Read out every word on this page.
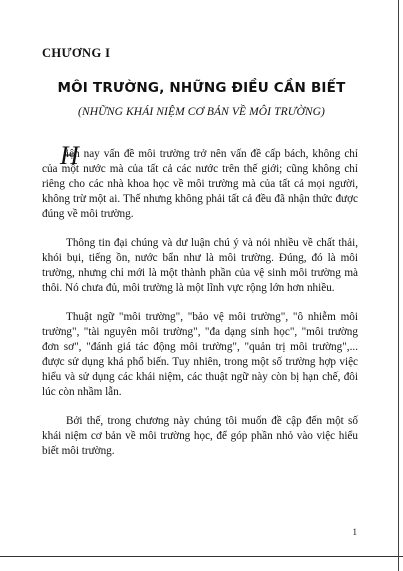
CHƯƠNG I
MÔI TRƯỜNG, NHỮNG ĐIỀU CẦN BIẾT
(NHỮNG KHÁI NIỆM CƠ BẢN VỀ MÔI TRƯỜNG)

H
iện nay vấn đề môi trường trở nên vấn đề cấp bách, không chỉ của một nước mà của tất cả các nước trên thế giới; cũng không chỉ riêng cho các nhà khoa học về môi trường mà của tất cả mọi người, không trừ một ai. Thế nhưng không phải tất cả đều đã nhận thức được đúng về môi trường.

Thông tin đại chúng và dư luận chú ý và nói nhiều về chất thải, khói bụi, tiếng ồn, nước bẩn như là môi trường. Đúng, đó là môi trường, nhưng chỉ mới là một thành phần của vệ sinh môi trường mà thôi. Nó chưa đủ, môi trường là một lĩnh vực rộng lớn hơn nhiều.

Thuật ngữ "môi trường", "bảo vệ môi trường", "ô nhiễm môi trường", "tài nguyên môi trường", "đa dạng sinh học", "môi trường đơn sơ", "đánh giá tác động môi trường", "quản trị môi trường",... được sử dụng khá phổ biến. Tuy nhiên, trong một số trường hợp việc hiểu và sử dụng các khái niệm, các thuật ngữ này còn bị hạn chế, đôi lúc còn nhầm lẫn.

Bởi thế, trong chương này chúng tôi muốn đề cập đến một số khái niệm cơ bản về môi trường học, để góp phần nhỏ vào việc hiểu biết môi trường.

1
